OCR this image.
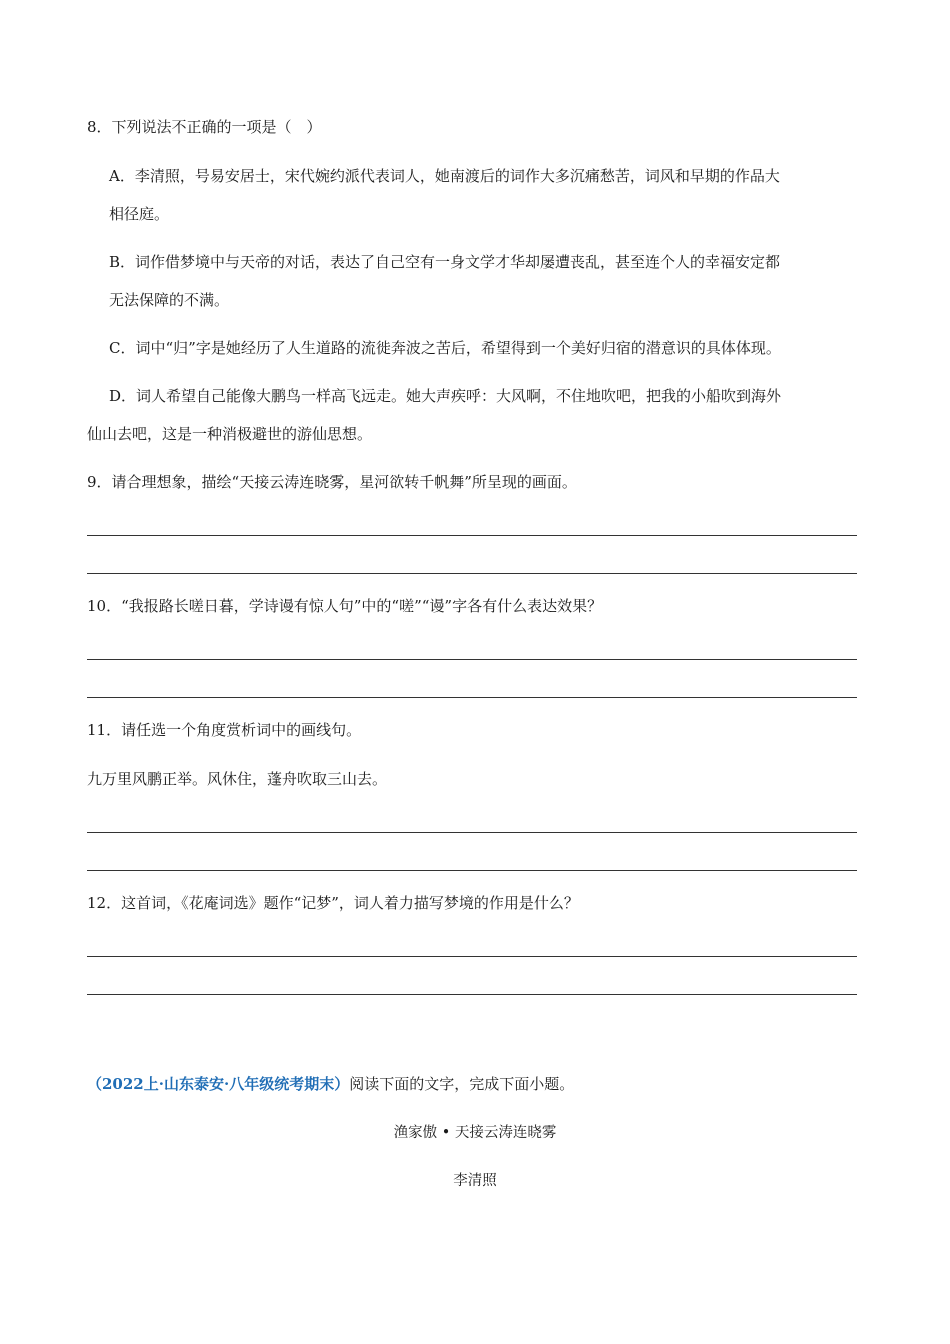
8．下列说法不正确的一项是（　）
A．李清照，号易安居士，宋代婉约派代表词人，她南渡后的词作大多沉痛愁苦，词风和早期的作品大
相径庭。
B．词作借梦境中与天帝的对话，表达了自己空有一身文学才华却屡遭丧乱，甚至连个人的幸福安定都
无法保障的不满。
C．词中“归”字是她经历了人生道路的流徙奔波之苦后，希望得到一个美好归宿的潜意识的具体体现。
D．词人希望自己能像大鹏鸟一样高飞远走。她大声疾呼：大风啊，不住地吹吧，把我的小船吹到海外
仙山去吧，这是一种消极避世的游仙思想。
9．请合理想象，描绘“天接云涛连晓雾，星河欲转千帆舞”所呈现的画面。
10．“我报路长嗟日暮，学诗谩有惊人句”中的“嗟”“谩”字各有什么表达效果？
11．请任选一个角度赏析词中的画线句。
九万里风鹏正举。风休住，蓬舟吹取三山去。
12．这首词，《花庵词选》题作“记梦”，词人着力描写梦境的作用是什么？
（2022上·山东泰安·八年级统考期末）阅读下面的文字，完成下面小题。
渔家傲 • 天接云涛连晓雾
李清照
